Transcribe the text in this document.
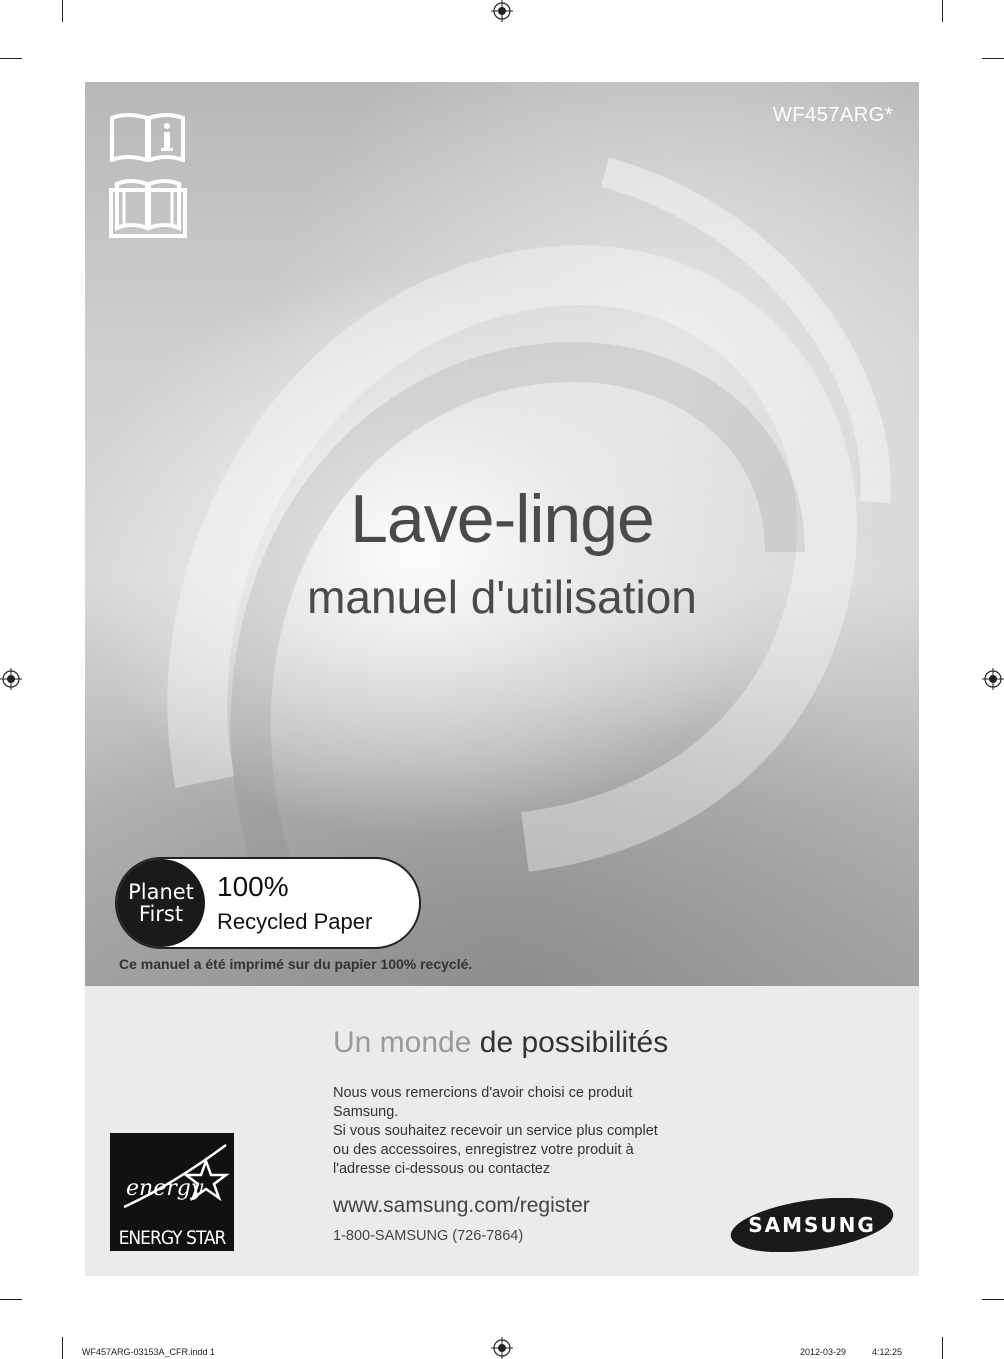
WF457ARG*
Lave-linge
manuel d'utilisation
Planet
First
100%
Recycled Paper
Ce manuel a été imprimé sur du papier 100% recyclé.
Un monde de possibilités

Nous vous remercions d'avoir choisi ce produit

Samsung.

Si vous souhaitez recevoir un service plus complet

ou des accessoires, enregistrez votre produit à

l'adresse ci-dessous ou contactez

www.samsung.com/register
1-800-SAMSUNG (726-7864)
energy
ENERGY STAR
SAMSUNG
WF457ARG-03153A_CFR.indd 1	2012-03-29	4:12:25
